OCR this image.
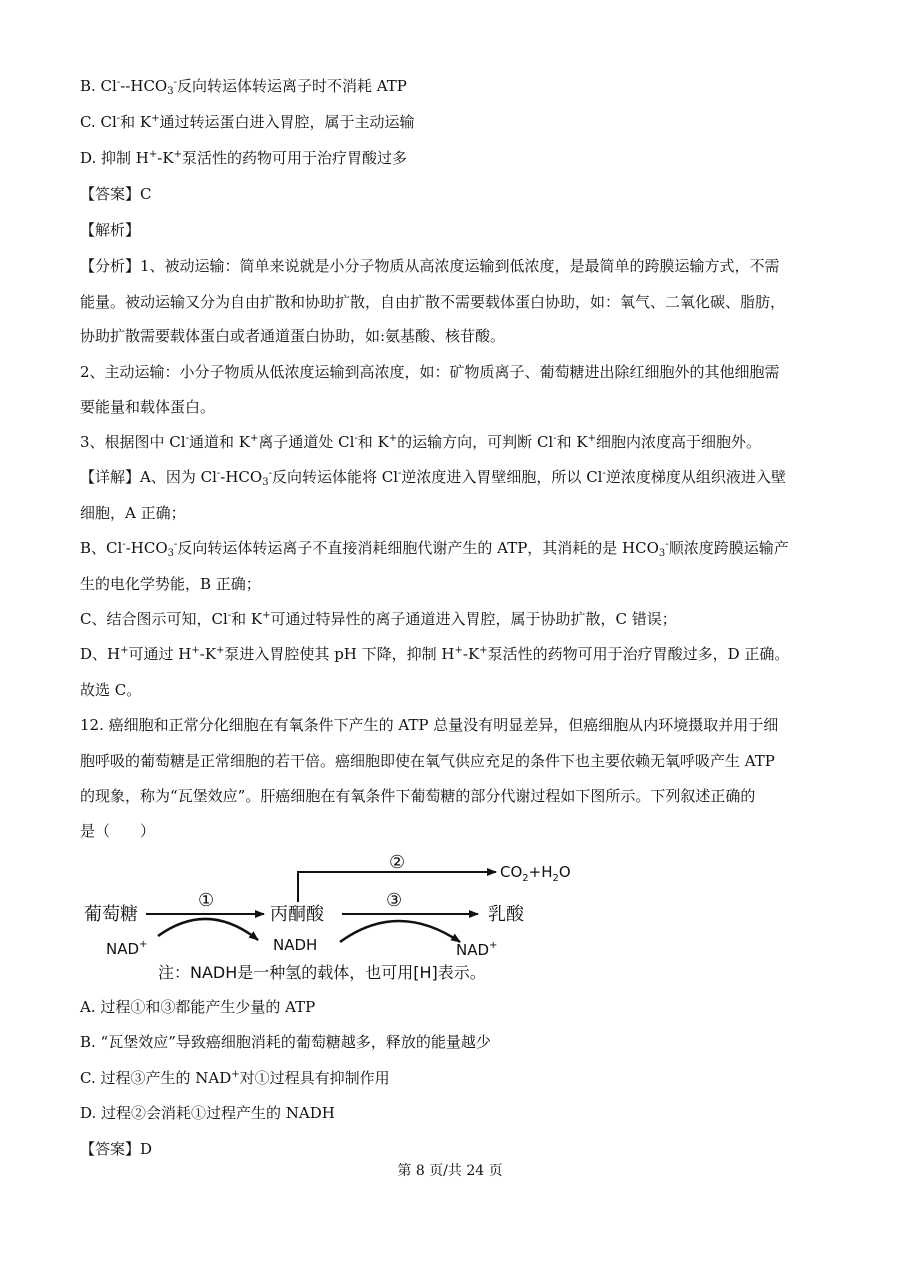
B. $Cl^---HCO_3^-$反向转运体转运离子时不消耗 ATP
C. Cl-和 K+通过转运蛋白进入胃腔，属于主动运输
D. 抑制 H+-K+泵活性的药物可用于治疗胃酸过多
【答案】C
【解析】
【分析】1、被动运输：简单来说就是小分子物质从高浓度运输到低浓度，是最简单的跨膜运输方式，不需
能量。被动运输又分为自由扩散和协助扩散，自由扩散不需要载体蛋白协助，如：氧气、二氧化碳、脂肪，
协助扩散需要载体蛋白或者通道蛋白协助，如:氨基酸、核苷酸。
2、主动运输：小分子物质从低浓度运输到高浓度，如：矿物质离子、葡萄糖进出除红细胞外的其他细胞需
要能量和载体蛋白。
3、根据图中 Cl-通道和 K+离子通道处 Cl-和 K+的运输方向，可判断 Cl-和 K+细胞内浓度高于细胞外。
【详解】A、因为 $Cl^--HCO_3^-$反向转运体能将 Cl-逆浓度进入胃壁细胞，所以 Cl-逆浓度梯度从组织液进入壁
细胞，A 正确；
B、$Cl^--HCO_3^-$反向转运体转运离子不直接消耗细胞代谢产生的 ATP，其消耗的是 $HCO_3^-$顺浓度跨膜运输产
生的电化学势能，B 正确；
C、结合图示可知，Cl-和 K+可通过特异性的离子通道进入胃腔，属于协助扩散，C 错误；
D、H+可通过 H+-K+泵进入胃腔使其 pH 下降，抑制 H+-K+泵活性的药物可用于治疗胃酸过多，D 正确。
故选 C。
12. 癌细胞和正常分化细胞在有氧条件下产生的 ATP 总量没有明显差异，但癌细胞从内环境摄取并用于细
胞呼吸的葡萄糖是正常细胞的若干倍。癌细胞即使在氧气供应充足的条件下也主要依赖无氧呼吸产生 ATP
的现象，称为“瓦堡效应”。肝癌细胞在有氧条件下葡萄糖的部分代谢过程如下图所示。下列叙述正确的
是（　　）
葡萄糖
①
NAD+
丙酮酸
NADH
②	$CO_2+H_2O$
③
乳酸
NAD+
注：NADH是一种氢的载体，也可用[H]表示。
A. 过程①和③都能产生少量的 ATP
B. “瓦堡效应”导致癌细胞消耗的葡萄糖越多，释放的能量越少
C. 过程③产生的 NAD+对①过程具有抑制作用
D. 过程②会消耗①过程产生的 NADH
【答案】D
第 8 页/共 24 页
